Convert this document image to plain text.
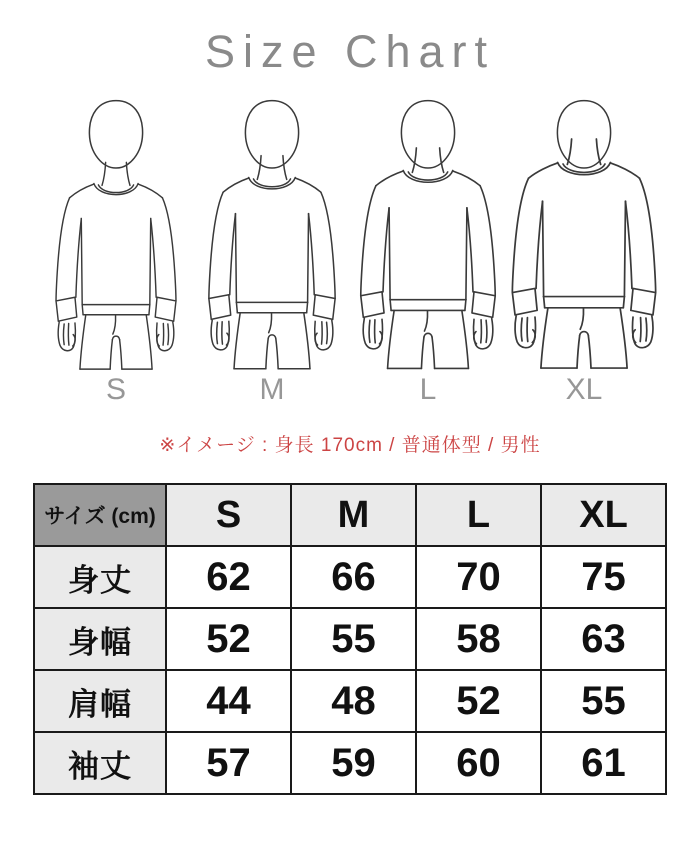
Size Chart
S	M	L	XL

※イメージ : 身長 170cm / 普通体型 / 男性

サイズ (cm)	S	M	L	XL
身丈	62	66	70	75
身幅	52	55	58	63
肩幅	44	48	52	55
袖丈	57	59	60	61
